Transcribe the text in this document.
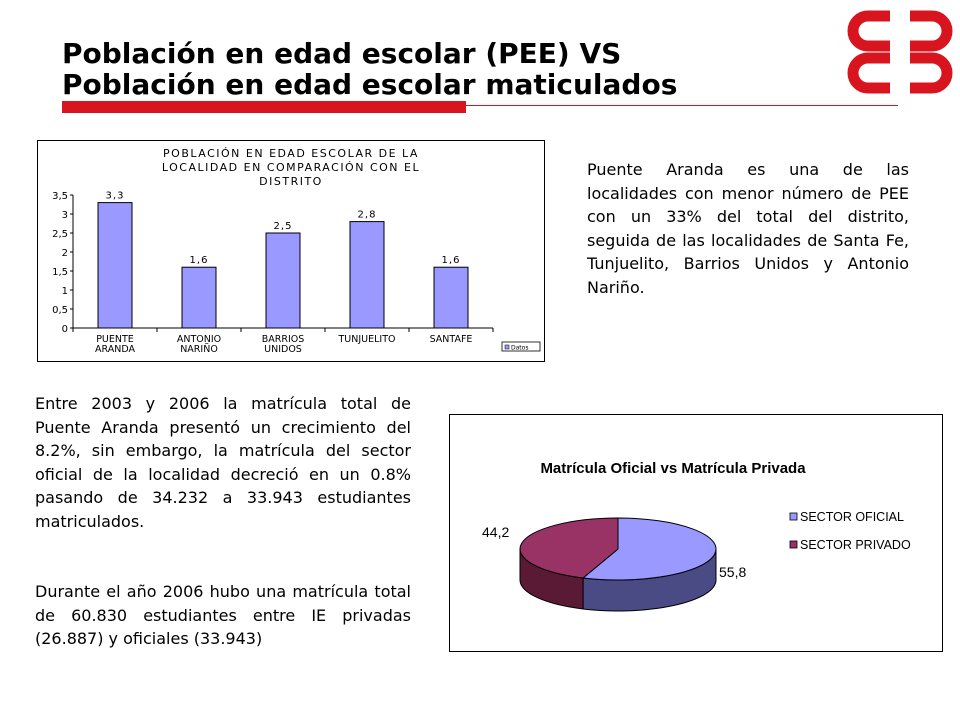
Población en edad escolar (PEE) VS
Población en edad escolar maticulados
POBLACIÓN EN EDAD ESCOLAR DE LA
LOCALIDAD EN COMPARACIÓN CON EL
DISTRITO
0
0,5
1
1,5
2
2,5
3
3,5	3,3
1,6
2,5
2,8
1,6
PUENTE
ARANDA
ANTONIO
NARIÑO
BARRIOS
UNIDOS
TUNJUELITO	SANTAFE
Datos
Puente Aranda es una de las localidades con menor número de PEE con un 33% del total del distrito, seguida de las localidades de Santa Fe, Tunjuelito, Barrios Unidos y Antonio Nariño.
Entre 2003 y 2006 la matrícula total de Puente Aranda presentó un crecimiento del 8.2%, sin embargo, la matrícula del sector oficial de la localidad decreció en un 0.8% pasando de 34.232 a 33.943 estudiantes matriculados.
Durante el año 2006 hubo una matrícula total de 60.830 estudiantes entre IE privadas (26.887) y oficiales (33.943)
Matrícula Oficial vs Matrícula Privada
55,8
44,2
SECTOR OFICIAL
SECTOR PRIVADO
